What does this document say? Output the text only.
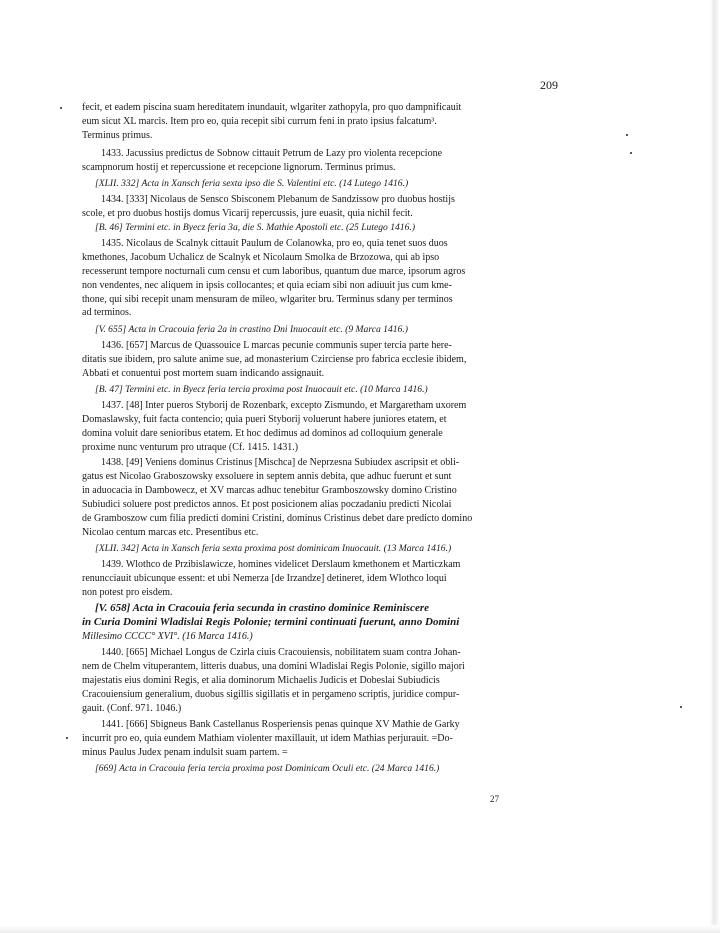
209
fecit, et eadem piscina suam hereditatem inundauit, wlgariter zathopyla, pro quo dampnificauit
eum sicut XL marcis. Item pro eo, quia recepit sibi currum feni in prato ipsius falcatum³.
Terminus primus.
1433. Jacussius predictus de Sobnow cittauit Petrum de Lazy pro violenta recepcione
scampnorum hostij et repercussione et recepcione lignorum. Terminus primus.
[XLII. 332] Acta in Xansch feria sexta ipso die S. Valentini etc. (14 Lutego 1416.)
1434. [333] Nicolaus de Sensco Sbisconem Plebanum de Sandzissow pro duobus hostijs
scole, et pro duobus hostijs domus Vicarij repercussis, jure euasit, quia nichil fecit.
[B. 46] Termini etc. in Byecz feria 3a, die S. Mathie Apostoli etc. (25 Lutego 1416.)
1435. Nicolaus de Scalnyk cittauit Paulum de Colanowka, pro eo, quia tenet suos duos
kmethones, Jacobum Uchalicz de Scalnyk et Nicolaum Smolka de Brzozowa, qui ab ipso
recesserunt tempore nocturnali cum censu et cum laboribus, quantum due marce, ipsorum agros
non vendentes, nec aliquem in ipsis collocantes; et quia eciam sibi non adiuuit jus cum kme-
thone, qui sibi recepit unam mensuram de mileo, wlgariter bru. Terminus sdany per terminos
ad terminos.
[V. 655] Acta in Cracouia feria 2a in crastino Dni Inuocauit etc. (9 Marca 1416.)
1436. [657] Marcus de Quassouice L marcas pecunie communis super tercia parte here-
ditatis sue ibidem, pro salute anime sue, ad monasterium Czirciense pro fabrica ecclesie ibidem,
Abbati et conuentui post mortem suam indicando assignauit.
[B. 47] Termini etc. in Byecz feria tercia proxima post Inuocauit etc. (10 Marca 1416.)
1437. [48] Inter pueros Styborij de Rozenbark, excepto Zismundo, et Margaretham uxorem
Domaslawsky, fuit facta contencio; quia pueri Styborij voluerunt habere juniores etatem, et
domina voluit dare senioribus etatem. Et hoc dedimus ad dominos ad colloquium generale
proxime nunc venturum pro utraque (Cf. 1415. 1431.)
1438. [49] Veniens dominus Cristinus [Mischca] de Neprzesna Subiudex ascripsit et obli-
gatus est Nicolao Graboszowsky exsoluere in septem annis debita, que adhuc fuerunt et sunt
in aduocacia in Dambowecz, et XV marcas adhuc tenebitur Gramboszowsky domino Cristino
Subiudici soluere post predictos annos. Et post posicionem alias poczadaniu predicti Nicolai
de Gramboszow cum filia predicti domini Cristini, dominus Cristinus debet dare predicto domino
Nicolao centum marcas etc. Presentibus etc.
[XLII. 342] Acta in Xansch feria sexta proxima post dominicam Inuocauit. (13 Marca 1416.)
1439. Wlothco de Przibislawicze, homines videlicet Derslaum kmethonem et Marticzkam
renuncciauit ubicunque essent: et ubi Nemerza [de Irzandze] detineret, idem Wlothco loqui
non potest pro eisdem.
[V. 658] Acta in Cracouia feria secunda in crastino dominice Reminiscere
in Curia Domini Wladislai Regis Polonie; termini continuati fuerunt, anno Domini
Millesimo CCCC° XVI°. (16 Marca 1416.)
1440. [665] Michael Longus de Czirla ciuis Cracouiensis, nobilitatem suam contra Johan-
nem de Chelm vituperantem, litteris duabus, una domini Wladislai Regis Polonie, sigillo majori
majestatis eius domini Regis, et alia dominorum Michaelis Judicis et Dobeslai Subiudicis
Cracouiensium generalium, duobus sigillis sigillatis et in pergameno scriptis, juridice compur-
gauit. (Conf. 971. 1046.)
1441. [666] Sbigneus Bank Castellanus Rosperiensis penas quinque XV Mathie de Garky
incurrit pro eo, quia eundem Mathiam violenter maxillauit, ut idem Mathias perjurauit. =Do-
minus Paulus Judex penam indulsit suam partem. =
[669] Acta in Cracouia feria tercia proxima post Dominicam Oculi etc. (24 Marca 1416.)
27
